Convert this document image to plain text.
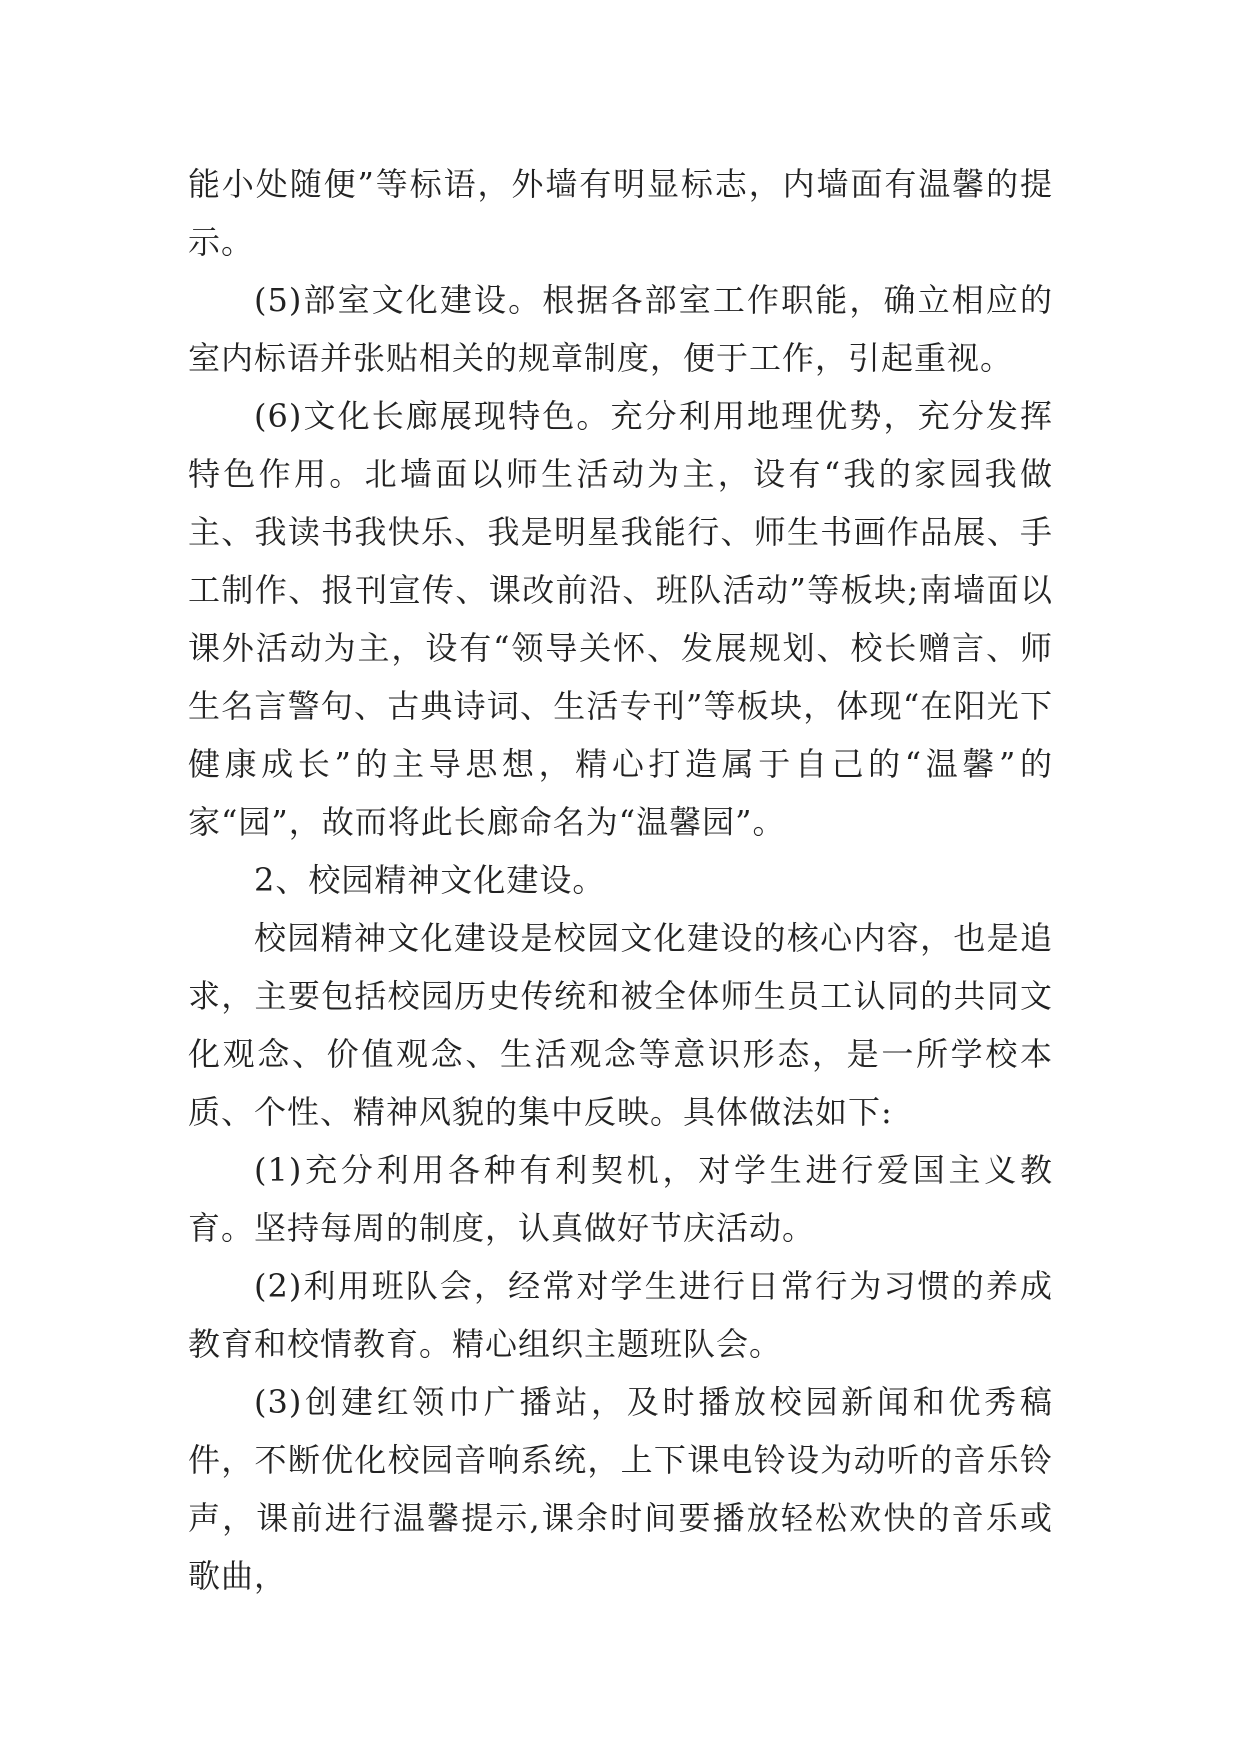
能小处随便”等标语，外墙有明显标志，内墙面有温馨的提示。

(5)部室文化建设。根据各部室工作职能，确立相应的室内标语并张贴相关的规章制度，便于工作，引起重视。

(6)文化长廊展现特色。充分利用地理优势，充分发挥特色作用。北墙面以师生活动为主，设有“我的家园我做主、我读书我快乐、我是明星我能行、师生书画作品展、手工制作、报刊宣传、课改前沿、班队活动”等板块;南墙面以课外活动为主，设有“领导关怀、发展规划、校长赠言、师生名言警句、古典诗词、生活专刊”等板块，体现“在阳光下健康成长”的主导思想，精心打造属于自己的“温馨”的家“园”，故而将此长廊命名为“温馨园”。

2、校园精神文化建设。

校园精神文化建设是校园文化建设的核心内容，也是追求，主要包括校园历史传统和被全体师生员工认同的共同文化观念、价值观念、生活观念等意识形态，是一所学校本质、个性、精神风貌的集中反映。具体做法如下:

(1)充分利用各种有利契机，对学生进行爱国主义教育。坚持每周的制度，认真做好节庆活动。

(2)利用班队会，经常对学生进行日常行为习惯的养成教育和校情教育。精心组织主题班队会。

(3)创建红领巾广播站，及时播放校园新闻和优秀稿件，不断优化校园音响系统，上下课电铃设为动听的音乐铃声，课前进行温馨提示,课余时间要播放轻松欢快的音乐或歌曲，
